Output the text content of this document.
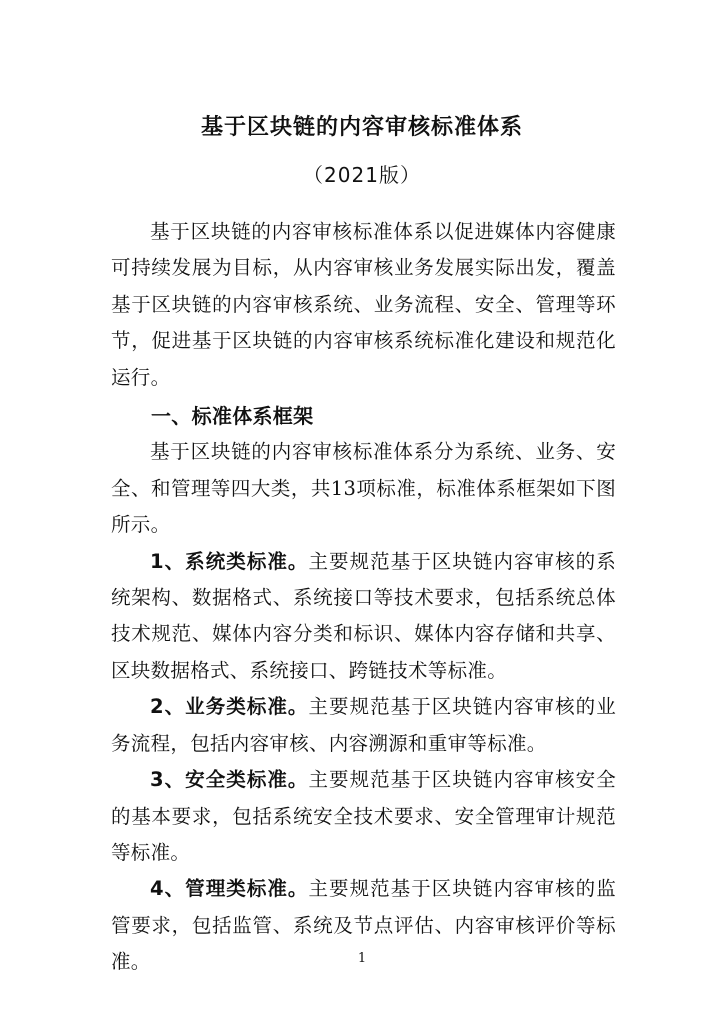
基于区块链的内容审核标准体系
（2021版）

基于区块链的内容审核标准体系以促进媒体内容健康可持续发展为目标，从内容审核业务发展实际出发，覆盖基于区块链的内容审核系统、业务流程、安全、管理等环节，促进基于区块链的内容审核系统标准化建设和规范化运行。

一、标准体系框架

基于区块链的内容审核标准体系分为系统、业务、安全、和管理等四大类，共13项标准，标准体系框架如下图所示。

1、系统类标准。主要规范基于区块链内容审核的系统架构、数据格式、系统接口等技术要求，包括系统总体技术规范、媒体内容分类和标识、媒体内容存储和共享、区块数据格式、系统接口、跨链技术等标准。

2、业务类标准。主要规范基于区块链内容审核的业务流程，包括内容审核、内容溯源和重审等标准。

3、安全类标准。主要规范基于区块链内容审核安全的基本要求，包括系统安全技术要求、安全管理审计规范等标准。

4、管理类标准。主要规范基于区块链内容审核的监管要求，包括监管、系统及节点评估、内容审核评价等标准。	1
